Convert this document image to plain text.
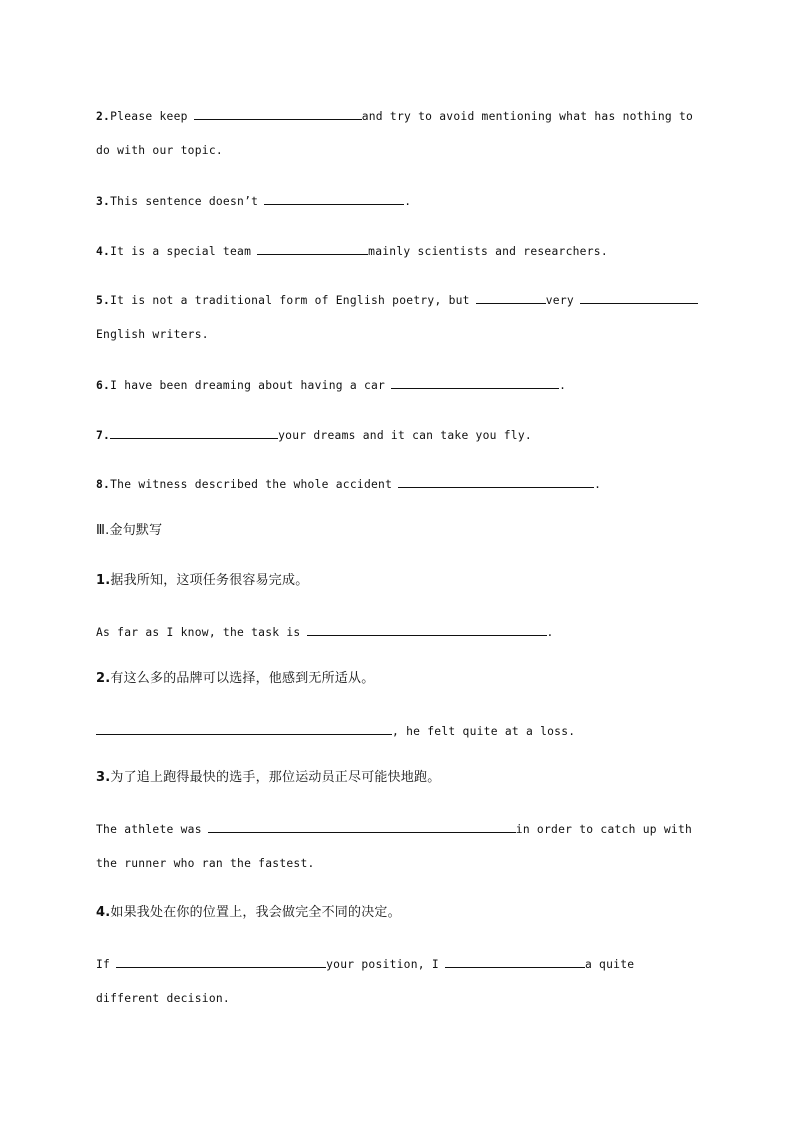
2.Please keep	and try to avoid mentioning what has nothing to
do with our topic.
3.This sentence doesn’t	.
4.It is a special team	mainly scientists and researchers.
5.It is not a traditional form of English poetry, but	very
English writers.
6.I have been dreaming about having a car	.
7.	your dreams and it can take you fly.
8.The witness described the whole accident	.
Ⅲ.金句默写
1.据我所知，这项任务很容易完成。
As far as I know, the task is	.
2.有这么多的品牌可以选择，他感到无所适从。
, he felt quite at a loss.
3.为了追上跑得最快的选手，那位运动员正尽可能快地跑。
The athlete was	in order to catch up with
the runner who ran the fastest.
4.如果我处在你的位置上，我会做完全不同的决定。
If	your position, I	a quite
different decision.
